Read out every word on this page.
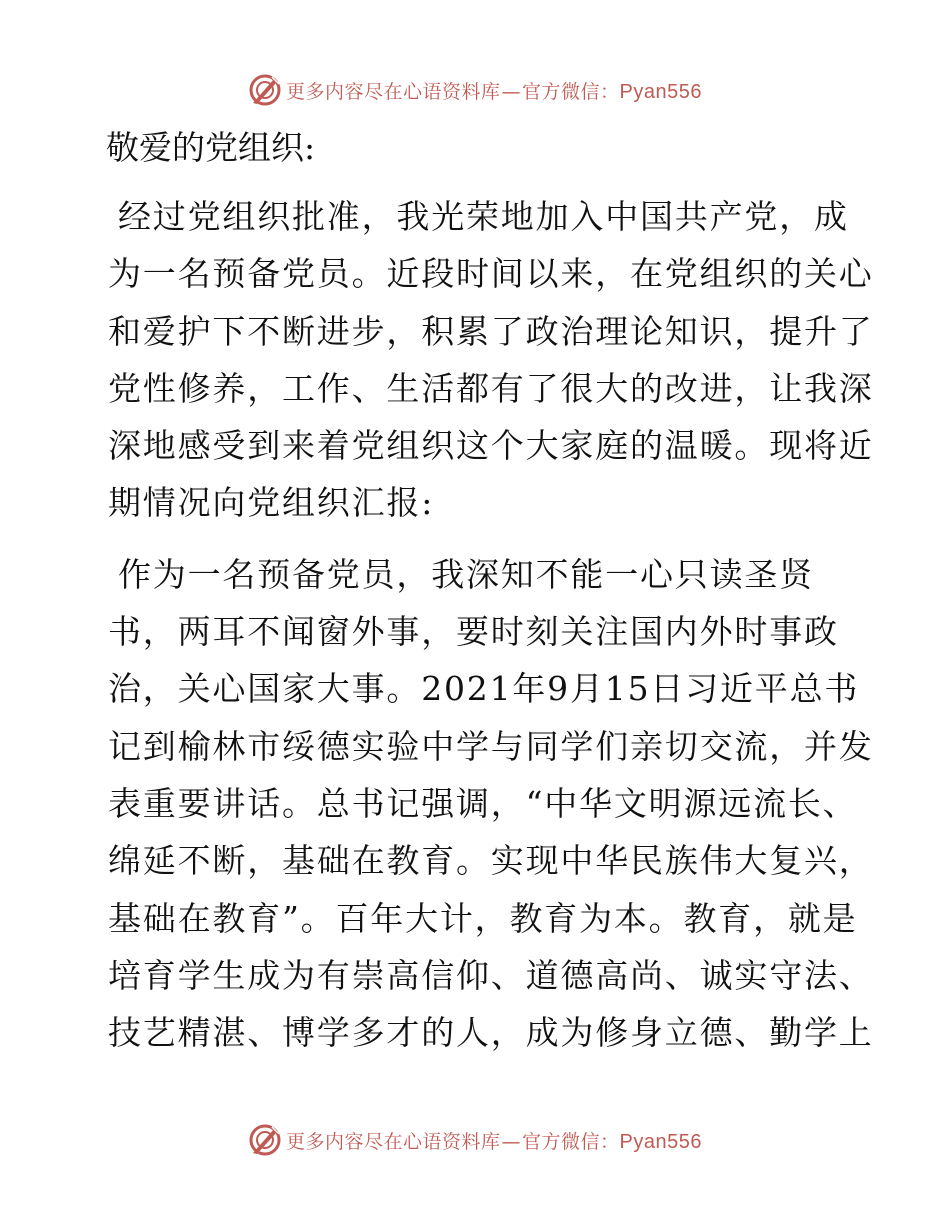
更多内容尽在心语资料库—官方微信：Pyan556
敬爱的党组织:
经过党组织批准，我光荣地加入中国共产党，成
为一名预备党员。近段时间以来，在党组织的关心
和爱护下不断进步，积累了政治理论知识，提升了
党性修养，工作、生活都有了很大的改进，让我深
深地感受到来着党组织这个大家庭的温暖。现将近
期情况向党组织汇报:
作为一名预备党员，我深知不能一心只读圣贤
书，两耳不闻窗外事，要时刻关注国内外时事政
治，关心国家大事。2021年9月15日习近平总书
记到榆林市绥德实验中学与同学们亲切交流，并发
表重要讲话。总书记强调，“中华文明源远流长、
绵延不断，基础在教育。实现中华民族伟大复兴，
基础在教育”。百年大计，教育为本。教育，就是
培育学生成为有崇高信仰、道德高尚、诚实守法、
技艺精湛、博学多才的人，成为修身立德、勤学上
更多内容尽在心语资料库—官方微信：Pyan556
